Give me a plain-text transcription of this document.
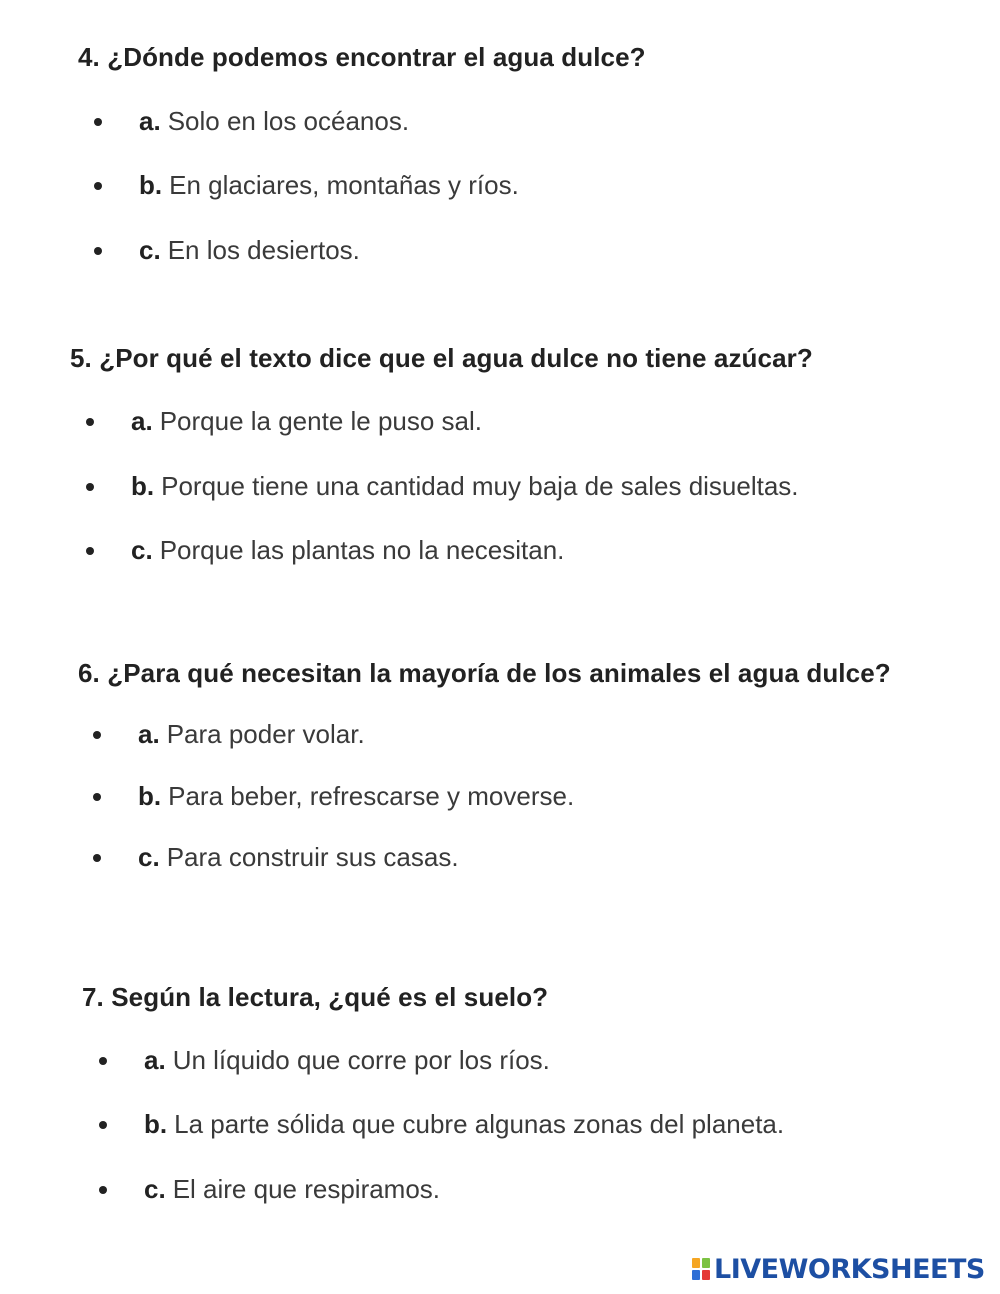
4. ¿Dónde podemos encontrar el agua dulce?
a. Solo en los océanos.
b. En glaciares, montañas y ríos.
c. En los desiertos.
5. ¿Por qué el texto dice que el agua dulce no tiene azúcar?
a. Porque la gente le puso sal.
b. Porque tiene una cantidad muy baja de sales disueltas.
c. Porque las plantas no la necesitan.
6. ¿Para qué necesitan la mayoría de los animales el agua dulce?
a. Para poder volar.
b. Para beber, refrescarse y moverse.
c. Para construir sus casas.
7. Según la lectura, ¿qué es el suelo?
a. Un líquido que corre por los ríos.
b. La parte sólida que cubre algunas zonas del planeta.
c. El aire que respiramos.
LIVEWORKSHEETS
